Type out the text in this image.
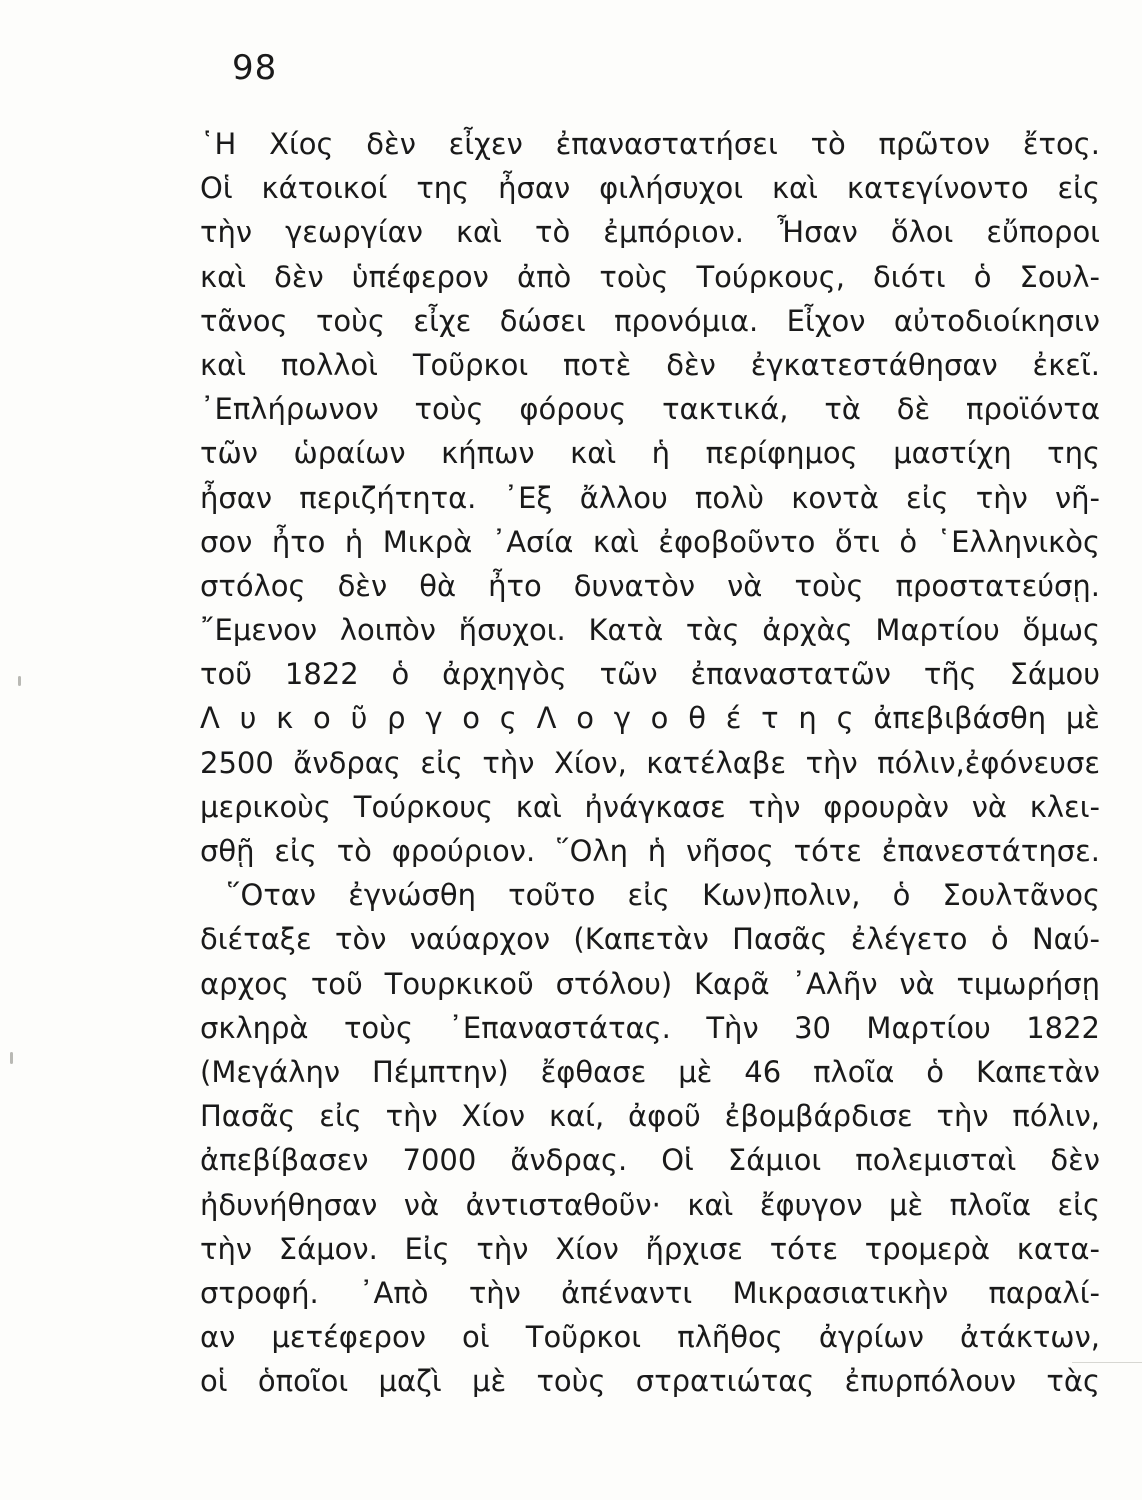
98
῾Η Χίος δὲν εἶχεν ἐπαναστατήσει τὸ πρῶτον ἔτος.
Οἱ κάτοικοί της ἦσαν φιλήσυχοι καὶ κατεγίνοντο εἰς
τὴν γεωργίαν καὶ τὸ ἐμπόριον. Ἦσαν ὅλοι εὔποροι
καὶ δὲν ὑπέφερον ἀπὸ τοὺς Τούρκους, διότι ὁ Σουλ-
τᾶνος τοὺς εἶχε δώσει προνόμια. Εἶχον αὐτοδιοίκησιν
καὶ πολλοὶ Τοῦρκοι ποτὲ δὲν ἐγκατεστάθησαν ἐκεῖ.
᾿Επλήρωνον τοὺς φόρους τακτικά, τὰ δὲ προϊόντα
τῶν ὡραίων κήπων καὶ ἡ περίφημος μαστίχη της
ἦσαν περιζήτητα. ᾿Εξ ἄλλου πολὺ κοντὰ εἰς τὴν νῆ-
σον ἦτο ἡ Μικρὰ ᾿Ασία καὶ ἐφοβοῦντο ὅτι ὁ ῾Ελληνικὸς
στόλος δὲν θὰ ἦτο δυνατὸν νὰ τοὺς προστατεύσῃ.
῎Εμενον λοιπὸν ἥσυχοι. Κατὰ τὰς ἀρχὰς Μαρτίου ὅμως
τοῦ 1822 ὁ ἀρχηγὸς τῶν ἐπαναστατῶν τῆς Σάμου
Λ υ κ ο ῦ ρ γ ο ς Λ ο γ ο θ έ τ η ς ἀπεβιβάσθη μὲ
2500 ἄνδρας εἰς τὴν Χίον, κατέλαβε τὴν πόλιν,ἐφόνευσε
μερικοὺς Τούρκους καὶ ἠνάγκασε τὴν φρουρὰν νὰ κλει-
σθῇ εἰς τὸ φρούριον. ῞Ολη ἡ νῆσος τότε ἐπανεστάτησε.
῞Οταν ἐγνώσθη τοῦτο εἰς Κων)πολιν, ὁ Σουλτᾶνος
διέταξε τὸν ναύαρχον (Καπετὰν Πασᾶς ἐλέγετο ὁ Ναύ-
αρχος τοῦ Τουρκικοῦ στόλου) Καρᾶ ᾿Αλῆν νὰ τιμωρήσῃ
σκληρὰ τοὺς ᾿Επαναστάτας. Τὴν 30 Μαρτίου 1822
(Μεγάλην Πέμπτην) ἔφθασε μὲ 46 πλοῖα ὁ Καπετὰν
Πασᾶς εἰς τὴν Χίον καί, ἀφοῦ ἐβομβάρδισε τὴν πόλιν,
ἀπεβίβασεν 7000 ἄνδρας. Οἱ Σάμιοι πολεμισταὶ δὲν
ἠδυνήθησαν νὰ ἀντισταθοῦν· καὶ ἔφυγον μὲ πλοῖα εἰς
τὴν Σάμον. Εἰς τὴν Χίον ἤρχισε τότε τρομερὰ κατα-
στροφή. ᾿Απὸ τὴν ἀπέναντι Μικρασιατικὴν παραλί-
αν μετέφερον οἱ Τοῦρκοι πλῆθος ἀγρίων ἀτάκτων,
οἱ ὁποῖοι μαζὶ μὲ τοὺς στρατιώτας ἐπυρπόλουν τὰς
